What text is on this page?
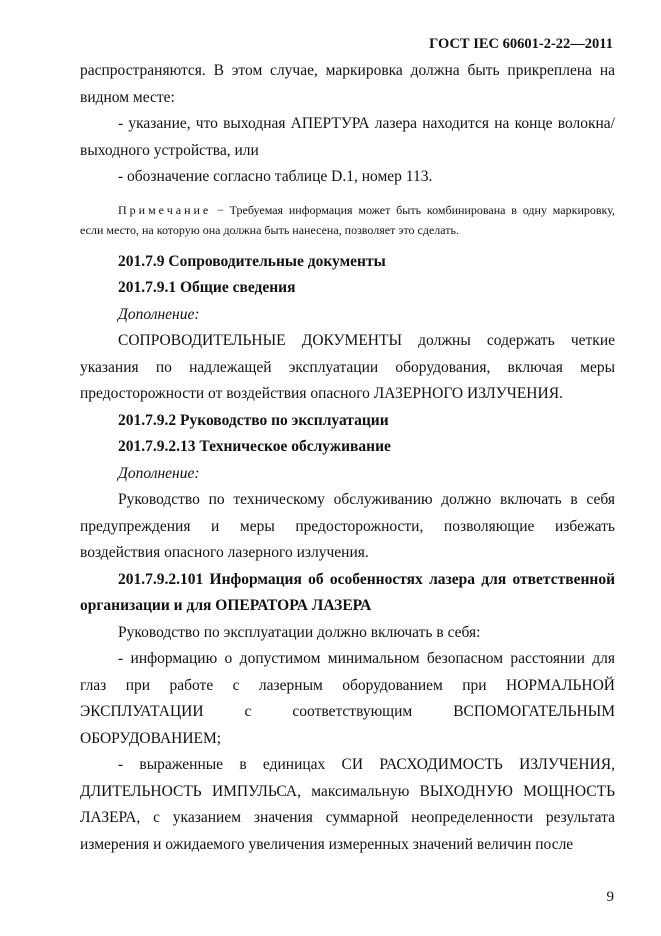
ГОСТ IEC 60601-2-22—2011

распространяются. В этом случае, маркировка должна быть прикреплена на видном месте:

- указание, что выходная АПЕРТУРА лазера находится на конце волокна/выходного устройства, или

- обозначение согласно таблице D.1, номер 113.

Примечание − Требуемая информация может быть комбинирована в одну маркировку, если место, на которую она должна быть нанесена, позволяет это сделать.

201.7.9 Сопроводительные документы

201.7.9.1 Общие сведения

Дополнение:

СОПРОВОДИТЕЛЬНЫЕ ДОКУМЕНТЫ должны содержать четкие указания по надлежащей эксплуатации оборудования, включая меры предосторожности от воздействия опасного ЛАЗЕРНОГО ИЗЛУЧЕНИЯ.

201.7.9.2 Руководство по эксплуатации

201.7.9.2.13 Техническое обслуживание

Дополнение:

Руководство по техническому обслуживанию должно включать в себя предупреждения и меры предосторожности, позволяющие избежать воздействия опасного лазерного излучения.

201.7.9.2.101 Информация об особенностях лазера для ответственной организации и для ОПЕРАТОРА ЛАЗЕРА

Руководство по эксплуатации должно включать в себя:

- информацию о допустимом минимальном безопасном расстоянии для глаз при работе с лазерным оборудованием при НОРМАЛЬНОЙ ЭКСПЛУАТАЦИИ с соответствующим ВСПОМОГАТЕЛЬНЫМ ОБОРУДОВАНИЕМ;

- выраженные в единицах СИ РАСХОДИМОСТЬ ИЗЛУЧЕНИЯ, ДЛИТЕЛЬНОСТЬ ИМПУЛЬСА, максимальную ВЫХОДНУЮ МОЩНОСТЬ ЛАЗЕРА, с указанием значения суммарной неопределенности результата измерения и ожидаемого увеличения измеренных значений величин после

9
